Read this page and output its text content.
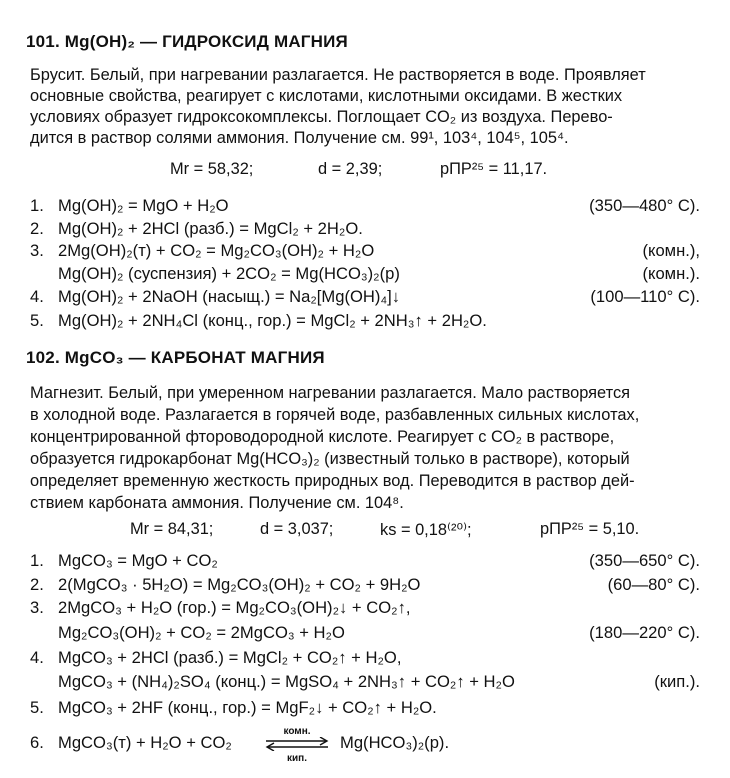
101. Mg(OH)₂ — ГИДРОКСИД МАГНИЯ
Брусит. Белый, при нагревании разлагается. Не растворяется в воде. Проявляет
основные свойства, реагирует с кислотами, кислотными оксидами. В жестких
условиях образует гидроксокомплексы. Поглощает CO₂ из воздуха. Перево-
дится в раствор солями аммония. Получение см. 99¹, 103⁴, 104⁵, 105⁴.
Mr = 58,32;	d = 2,39;	рПР²⁵ = 11,17.
1. Mg(OH)₂ = MgO + H₂O	(350—480° C).
2. Mg(OH)₂ + 2HCl (разб.) = MgCl₂ + 2H₂O.
3. 2Mg(OH)₂(т) + CO₂ = Mg₂CO₃(OH)₂ + H₂O	(комн.),
Mg(OH)₂ (суспензия) + 2CO₂ = Mg(HCO₃)₂(р)	(комн.).
4. Mg(OH)₂ + 2NaOH (насыщ.) = Na₂[Mg(OH)₄]↓	(100—110° C).
5. Mg(OH)₂ + 2NH₄Cl (конц., гор.) = MgCl₂ + 2NH₃↑ + 2H₂O.
102. MgCO₃ — КАРБОНАТ МАГНИЯ
Магнезит. Белый, при умеренном нагревании разлагается. Мало растворяется
в холодной воде. Разлагается в горячей воде, разбавленных сильных кислотах,
концентрированной фтороводородной кислоте. Реагирует с CO₂ в растворе,
образуется гидрокарбонат Mg(HCO₃)₂ (известный только в растворе), который
определяет временную жесткость природных вод. Переводится в раствор дей-
ствием карбоната аммония. Получение см. 104⁸.
Mr = 84,31;	d = 3,037;	ks = 0,18⁽²⁰⁾;	рПР²⁵ = 5,10.
1. MgCO₃ = MgO + CO₂	(350—650° C).
2. 2(MgCO₃ · 5H₂O) = Mg₂CO₃(OH)₂ + CO₂ + 9H₂O	(60—80° C).
3. 2MgCO₃ + H₂O (гор.) = Mg₂CO₃(OH)₂↓ + CO₂↑,
Mg₂CO₃(OH)₂ + CO₂ = 2MgCO₃ + H₂O	(180—220° C).
4. MgCO₃ + 2HCl (разб.) = MgCl₂ + CO₂↑ + H₂O,
MgCO₃ + (NH₄)₂SO₄ (конц.) = MgSO₄ + 2NH₃↑ + CO₂↑ + H₂O	(кип.).
5. MgCO₃ + 2HF (конц., гор.) = MgF₂↓ + CO₂↑ + H₂O.
6. MgCO₃(т) + H₂O + CO₂
комн.
кип.
Mg(HCO₃)₂(р).
